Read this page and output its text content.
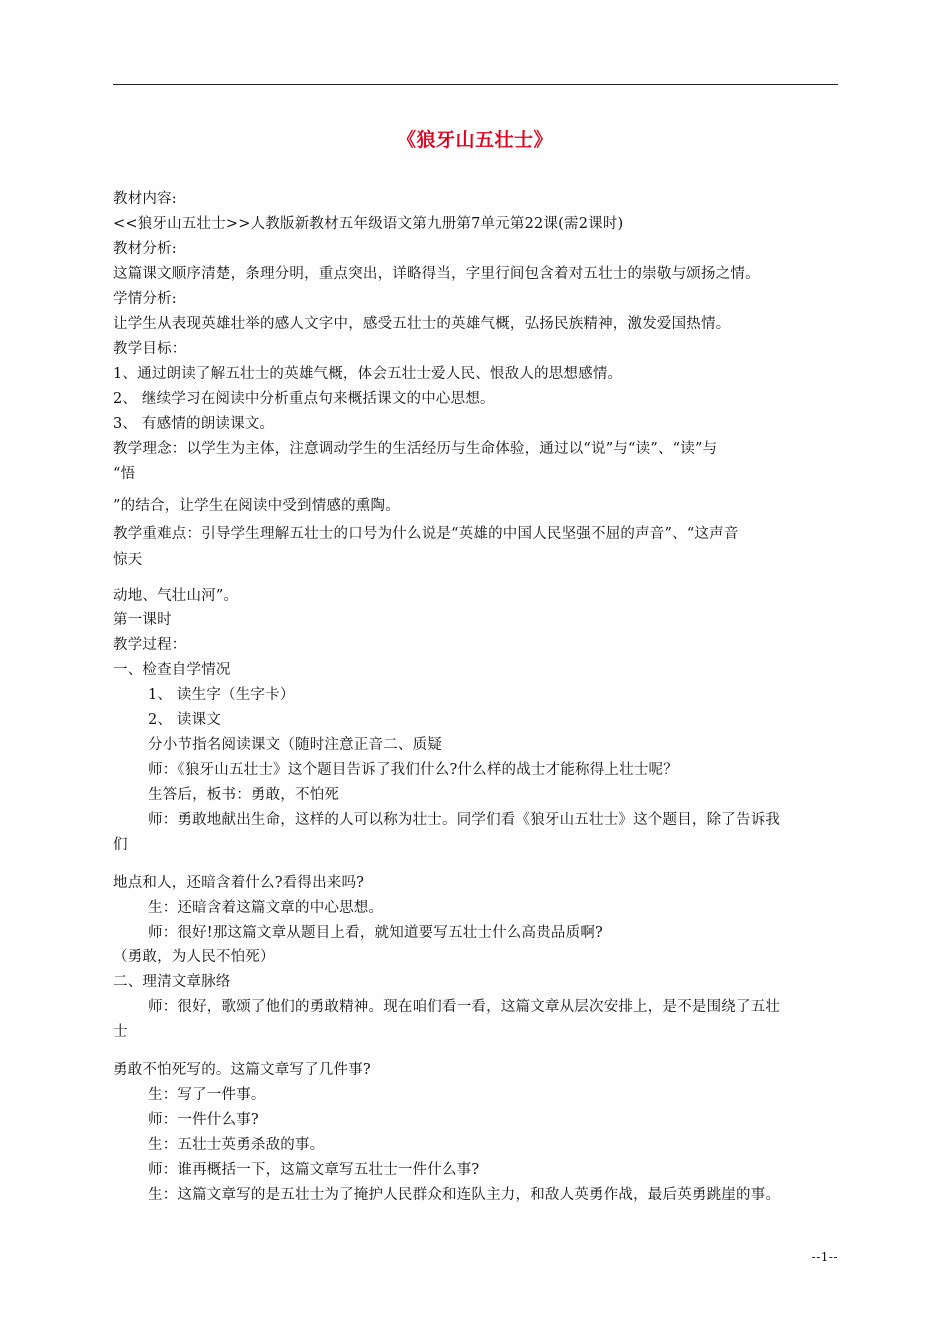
《狼牙山五壮士》
教材内容:
<<狼牙山五壮士>>人教版新教材五年级语文第九册第7单元第22课(需2课时)
教材分析:
这篇课文顺序清楚，条理分明，重点突出，详略得当，字里行间包含着对五壮士的崇敬与颂扬之情。
学情分析:
让学生从表现英雄壮举的感人文字中，感受五壮士的英雄气概，弘扬民族精神，激发爱国热情。
教学目标：
1、通过朗读了解五壮士的英雄气概，体会五壮士爱人民、恨敌人的思想感情。
2、 继续学习在阅读中分析重点句来概括课文的中心思想。
3、 有感情的朗读课文。
教学理念：以学生为主体，注意调动学生的生活经历与生命体验，通过以“说”与“读”、“读”与
“悟
”的结合，让学生在阅读中受到情感的熏陶。
教学重难点：引导学生理解五壮士的口号为什么说是“英雄的中国人民坚强不屈的声音”、“这声音
惊天
动地、气壮山河”。
第一课时
教学过程：
一、检查自学情况
1、 读生字（生字卡）
2、 读课文
分小节指名阅读课文（随时注意正音二、质疑
师：《狼牙山五壮士》这个题目告诉了我们什么?什么样的战士才能称得上壮士呢？
生答后，板书：勇敢，不怕死
师：勇敢地献出生命，这样的人可以称为壮士。同学们看《狼牙山五壮士》这个题目，除了告诉我
们
地点和人，还暗含着什么?看得出来吗?
生：还暗含着这篇文章的中心思想。
师：很好!那这篇文章从题目上看，就知道要写五壮士什么高贵品质啊?
（勇敢，为人民不怕死）
二、理清文章脉络
师：很好，歌颂了他们的勇敢精神。现在咱们看一看，这篇文章从层次安排上，是不是围绕了五壮
士
勇敢不怕死写的。这篇文章写了几件事?
生：写了一件事。
师：一件什么事?
生：五壮士英勇杀敌的事。
师：谁再概括一下，这篇文章写五壮士一件什么事?
生：这篇文章写的是五壮士为了掩护人民群众和连队主力，和敌人英勇作战，最后英勇跳崖的事。
--1--
